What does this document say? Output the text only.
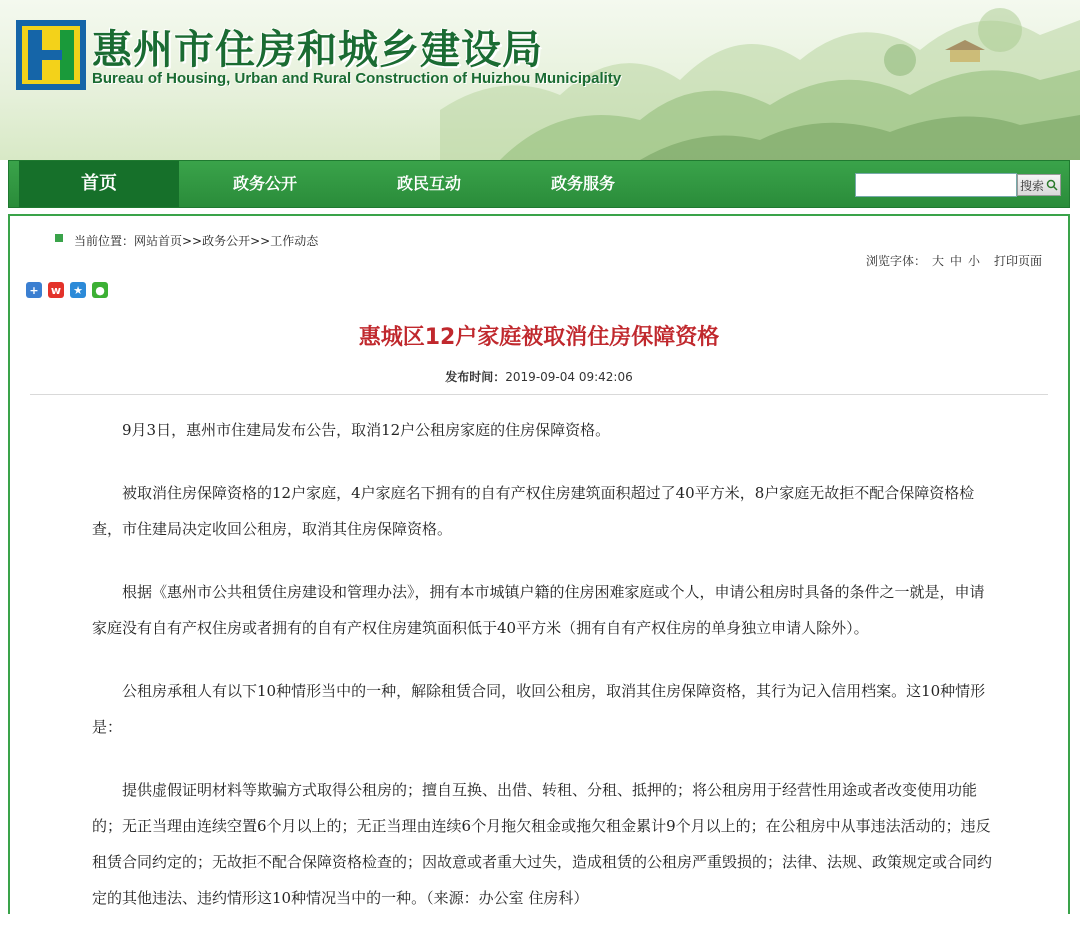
惠州市住房和城乡建设局
Bureau of Housing, Urban and Rural Construction of Huizhou Municipality
首页	政务公开	政民互动	政务服务	搜索
当前位置：网站首页>>政务公开>>工作动态
浏览字体： 大 中 小 打印页面
+	w ★ ●
惠城区12户家庭被取消住房保障资格
发布时间：2019-09-04 09:42:06

9月3日，惠州市住建局发布公告，取消12户公租房家庭的住房保障资格。

被取消住房保障资格的12户家庭，4户家庭名下拥有的自有产权住房建筑面积超过了40平方米，8户家庭无故拒不配合保障资格检查，市住建局决定收回公租房，取消其住房保障资格。

根据《惠州市公共租赁住房建设和管理办法》，拥有本市城镇户籍的住房困难家庭或个人，申请公租房时具备的条件之一就是，申请家庭没有自有产权住房或者拥有的自有产权住房建筑面积低于40平方米（拥有自有产权住房的单身独立申请人除外）。

公租房承租人有以下10种情形当中的一种，解除租赁合同，收回公租房，取消其住房保障资格，其行为记入信用档案。这10种情形是：

提供虚假证明材料等欺骗方式取得公租房的；擅自互换、出借、转租、分租、抵押的；将公租房用于经营性用途或者改变使用功能的；无正当理由连续空置6个月以上的；无正当理由连续6个月拖欠租金或拖欠租金累计9个月以上的；在公租房中从事违法活动的；违反租赁合同约定的；无故拒不配合保障资格检查的；因故意或者重大过失，造成租赁的公租房严重毁损的；法律、法规、政策规定或合同约定的其他违法、违约情形这10种情况当中的一种。（来源：办公室 住房科）
